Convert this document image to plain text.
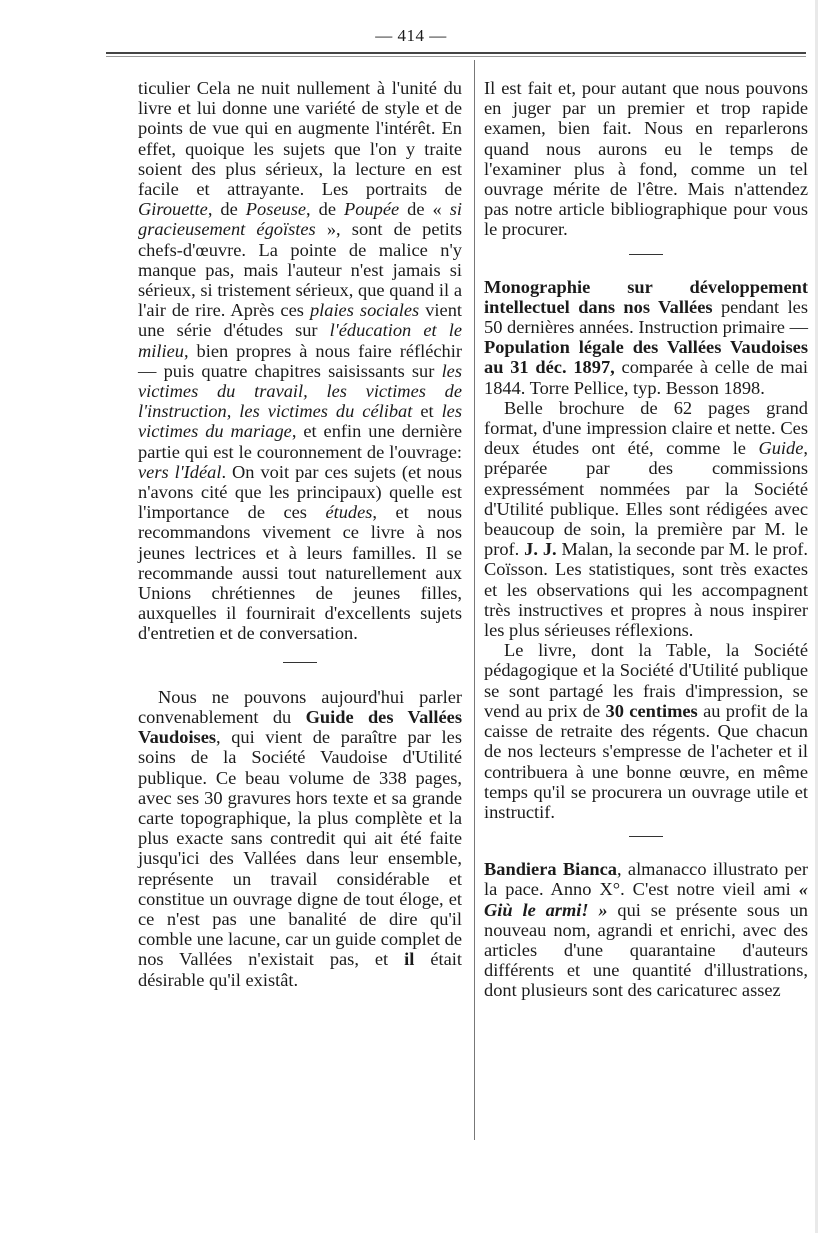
— 414 —

ticulier Cela ne nuit nullement à l'unité du livre et lui donne une variété de style et de points de vue qui en augmente l'intérêt. En effet, quoique les sujets que l'on y traite soient des plus sérieux, la lecture en est facile et attrayante. Les portraits de Girouette, de Poseuse, de Poupée de « si gracieusement égoïstes », sont de petits chefs-d'œuvre. La pointe de malice n'y manque pas, mais l'auteur n'est jamais si sérieux, si tristement sérieux, que quand il a l'air de rire. Après ces plaies sociales vient une série d'études sur l'éducation et le milieu, bien propres à nous faire réfléchir — puis quatre chapitres saisissants sur les victimes du travail, les victimes de l'instruction, les victimes du célibat et les victimes du mariage, et enfin une dernière partie qui est le couronnement de l'ouvrage: vers l'Idéal. On voit par ces sujets (et nous n'avons cité que les principaux) quelle est l'importance de ces études, et nous recommandons vivement ce livre à nos jeunes lectrices et à leurs familles. Il se recommande aussi tout naturellement aux Unions chrétiennes de jeunes filles, auxquelles il fournirait d'excellents sujets d'entretien et de conversation.

Nous ne pouvons aujourd'hui parler convenablement du Guide des Vallées Vaudoises, qui vient de paraître par les soins de la Société Vaudoise d'Utilité publique. Ce beau volume de 338 pages, avec ses 30 gravures hors texte et sa grande carte topographique, la plus complète et la plus exacte sans contredit qui ait été faite jusqu'ici des Vallées dans leur ensemble, représente un travail considérable et constitue un ouvrage digne de tout éloge, et ce n'est pas une banalité de dire qu'il comble une lacune, car un guide complet de nos Vallées n'existait pas, et il était désirable qu'il existât.

Il est fait et, pour autant que nous pouvons en juger par un premier et trop rapide examen, bien fait. Nous en reparlerons quand nous aurons eu le temps de l'examiner plus à fond, comme un tel ouvrage mérite de l'être. Mais n'attendez pas notre article bibliographique pour vous le procurer.

Monographie sur développement intellectuel dans nos Vallées pendant les 50 dernières années. Instruction primaire — Population légale des Vallées Vaudoises au 31 déc. 1897, comparée à celle de mai 1844. Torre Pellice, typ. Besson 1898.

Belle brochure de 62 pages grand format, d'une impression claire et nette. Ces deux études ont été, comme le Guide, préparée par des commissions expressément nommées par la Société d'Utilité publique. Elles sont rédigées avec beaucoup de soin, la première par M. le prof. J. J. Malan, la seconde par M. le prof. Coïsson. Les statistiques, sont très exactes et les observations qui les accompagnent très instructives et propres à nous inspirer les plus sérieuses réflexions.

Le livre, dont la Table, la Société pédagogique et la Société d'Utilité publique se sont partagé les frais d'impression, se vend au prix de 30 centimes au profit de la caisse de retraite des régents. Que chacun de nos lecteurs s'empresse de l'acheter et il contribuera à une bonne œuvre, en même temps qu'il se procurera un ouvrage utile et instructif.

Bandiera Bianca, almanacco illustrato per la pace. Anno X°. C'est notre vieil ami « Giù le armi! » qui se présente sous un nouveau nom, agrandi et enrichi, avec des articles d'une quarantaine d'auteurs différents et une quantité d'illustrations, dont plusieurs sont des caricaturec assez
